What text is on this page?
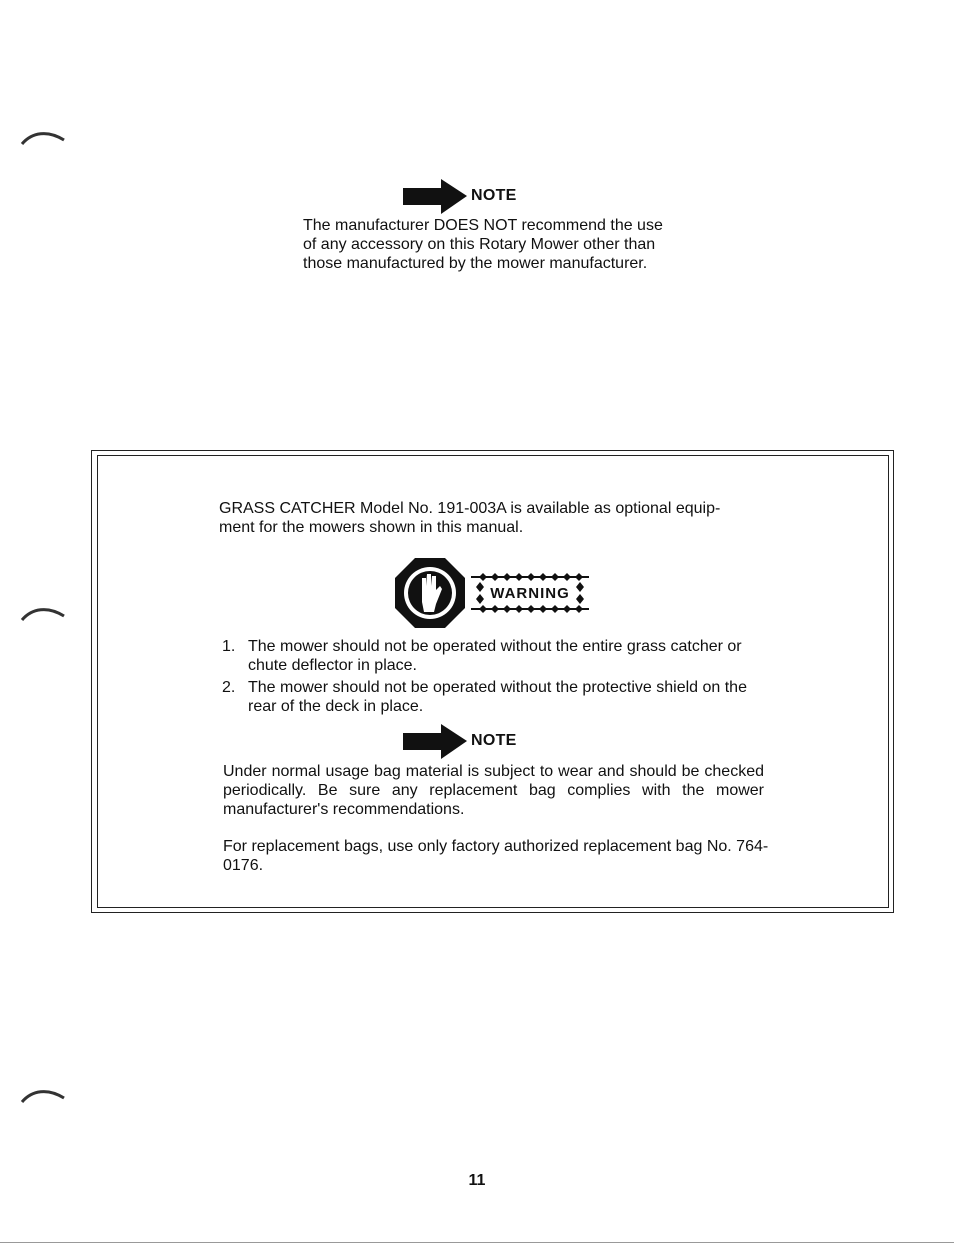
NOTE
The manufacturer DOES NOT recommend the use
of any accessory on this Rotary Mower other than
those manufactured by the mower manufacturer.
GRASS CATCHER Model No. 191-003A is available as optional equip-
ment for the mowers shown in this manual.
WARNING
1. The mower should not be operated without the entire grass catcher or chute deflector in place.
2. The mower should not be operated without the protective shield on the rear of the deck in place.
NOTE
Under normal usage bag material is subject to wear and should be checked periodically. Be sure any replacement bag complies with the mower manufacturer's recommendations.
For replacement bags, use only factory authorized replacement bag No. 764-0176.
11
